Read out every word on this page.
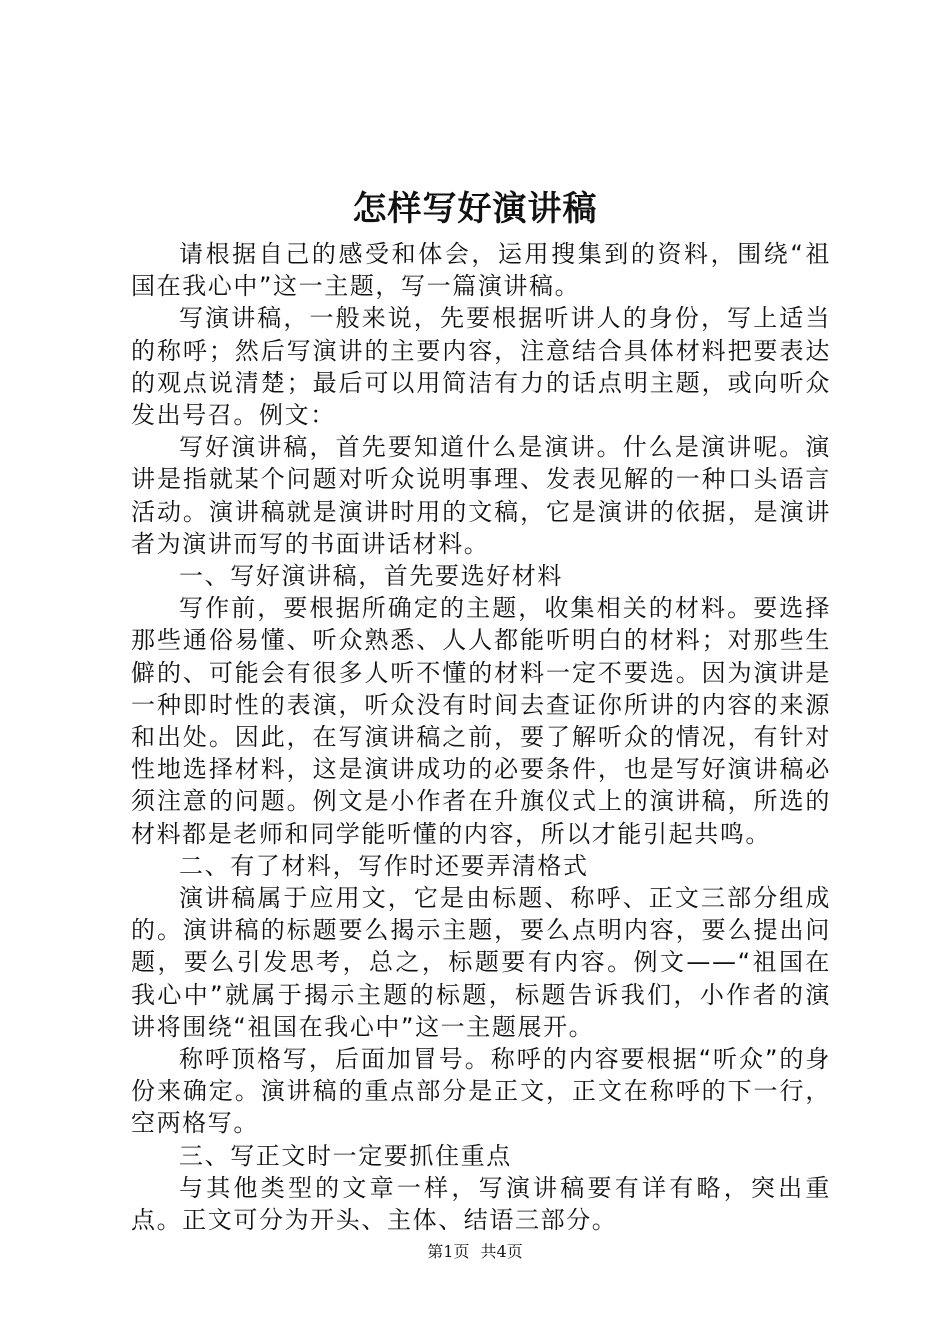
怎样写好演讲稿

请根据自己的感受和体会，运用搜集到的资料，围绕“祖国在我心中”这一主题，写一篇演讲稿。

写演讲稿，一般来说，先要根据听讲人的身份，写上适当的称呼；然后写演讲的主要内容，注意结合具体材料把要表达的观点说清楚；最后可以用简洁有力的话点明主题，或向听众发出号召。例文：

写好演讲稿，首先要知道什么是演讲。什么是演讲呢。演讲是指就某个问题对听众说明事理、发表见解的一种口头语言活动。演讲稿就是演讲时用的文稿，它是演讲的依据，是演讲者为演讲而写的书面讲话材料。

一、写好演讲稿，首先要选好材料

写作前，要根据所确定的主题，收集相关的材料。要选择那些通俗易懂、听众熟悉、人人都能听明白的材料；对那些生僻的、可能会有很多人听不懂的材料一定不要选。因为演讲是一种即时性的表演，听众没有时间去查证你所讲的内容的来源和出处。因此，在写演讲稿之前，要了解听众的情况，有针对性地选择材料，这是演讲成功的必要条件，也是写好演讲稿必须注意的问题。例文是小作者在升旗仪式上的演讲稿，所选的材料都是老师和同学能听懂的内容，所以才能引起共鸣。

二、有了材料，写作时还要弄清格式

演讲稿属于应用文，它是由标题、称呼、正文三部分组成的。演讲稿的标题要么揭示主题，要么点明内容，要么提出问题，要么引发思考，总之，标题要有内容。例文——“祖国在我心中”就属于揭示主题的标题，标题告诉我们，小作者的演讲将围绕“祖国在我心中”这一主题展开。

称呼顶格写，后面加冒号。称呼的内容要根据“听众”的身份来确定。演讲稿的重点部分是正文，正文在称呼的下一行，空两格写。

三、写正文时一定要抓住重点

与其他类型的文章一样，写演讲稿要有详有略，突出重点。正文可分为开头、主体、结语三部分。

第1页 共4页
